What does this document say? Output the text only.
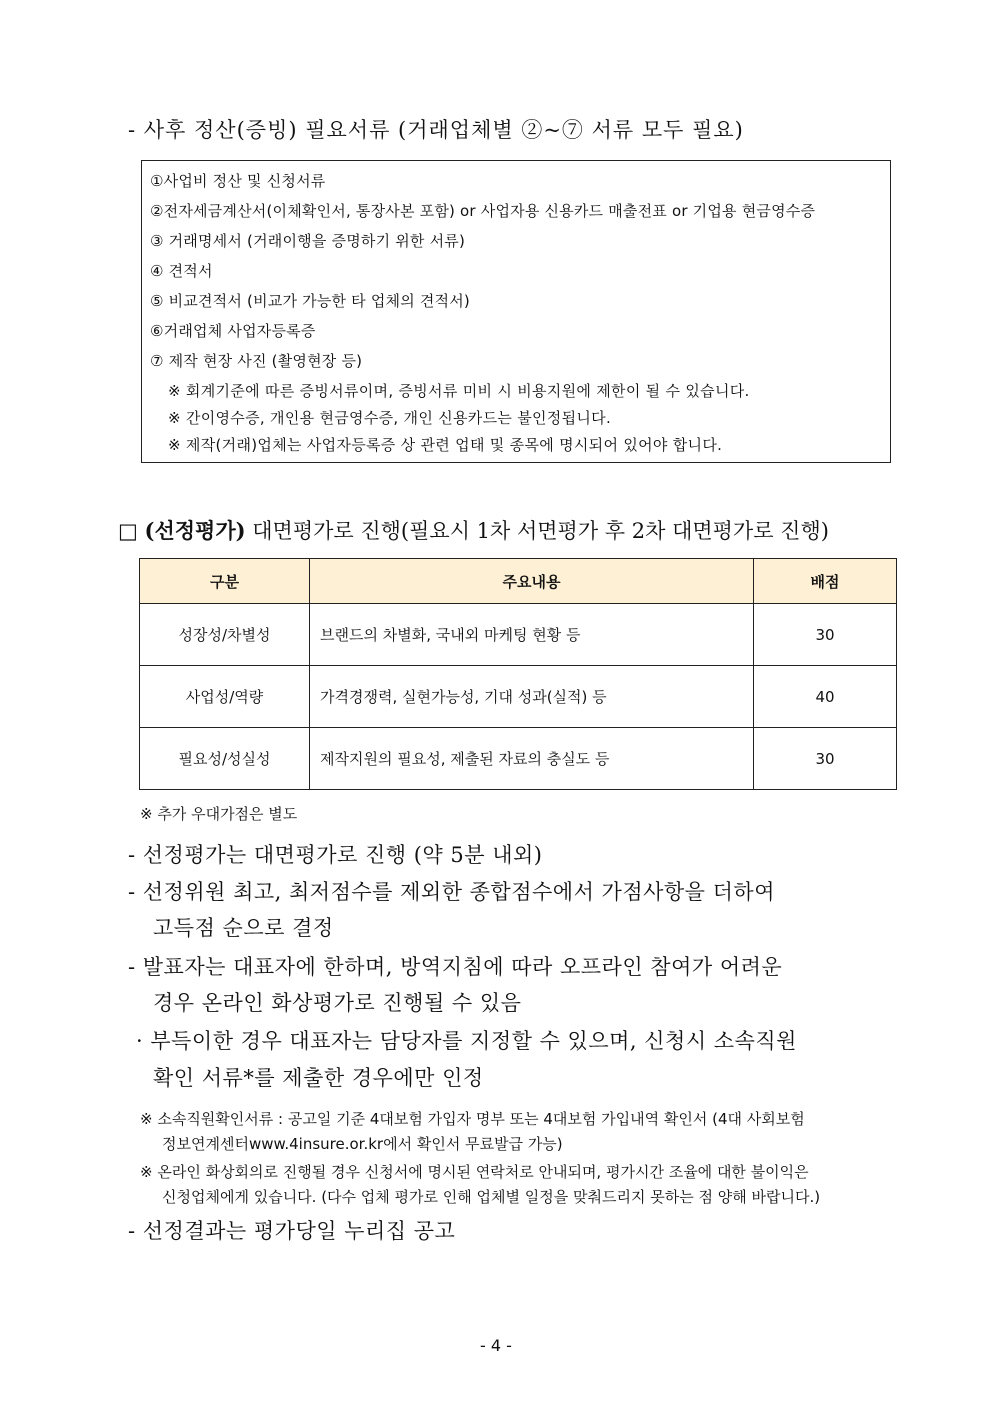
- 사후 정산(증빙) 필요서류 (거래업체별 ②~⑦ 서류 모두 필요)
①사업비 정산 및 신청서류
②전자세금계산서(이체확인서, 통장사본 포함) or 사업자용 신용카드 매출전표 or 기업용 현금영수증
③ 거래명세서 (거래이행을 증명하기 위한 서류)
④ 견적서
⑤ 비교견적서 (비교가 가능한 타 업체의 견적서)
⑥거래업체 사업자등록증
⑦ 제작 현장 사진 (촬영현장 등)
※ 회계기준에 따른 증빙서류이며, 증빙서류 미비 시 비용지원에 제한이 될 수 있습니다.
※ 간이영수증, 개인용 현금영수증, 개인 신용카드는 불인정됩니다.
※ 제작(거래)업체는 사업자등록증 상 관련 업태 및 종목에 명시되어 있어야 합니다.
□ (선정평가) 대면평가로 진행(필요시 1차 서면평가 후 2차 대면평가로 진행)
구분	주요내용	배점
성장성/차별성	브랜드의 차별화, 국내외 마케팅 현황 등	30
사업성/역량	가격경쟁력, 실현가능성, 기대 성과(실적) 등	40
필요성/성실성	제작지원의 필요성, 제출된 자료의 충실도 등	30
※ 추가 우대가점은 별도
- 선정평가는 대면평가로 진행 (약 5분 내외)
- 선정위원 최고, 최저점수를 제외한 종합점수에서 가점사항을 더하여
고득점 순으로 결정
- 발표자는 대표자에 한하며, 방역지침에 따라 오프라인 참여가 어려운
경우 온라인 화상평가로 진행될 수 있음
· 부득이한 경우 대표자는 담당자를 지정할 수 있으며, 신청시 소속직원
확인 서류*를 제출한 경우에만 인정
※ 소속직원확인서류 : 공고일 기준 4대보험 가입자 명부 또는 4대보험 가입내역 확인서 (4대 사회보험
정보연계센터www.4insure.or.kr에서 확인서 무료발급 가능)
※ 온라인 화상회의로 진행될 경우 신청서에 명시된 연락처로 안내되며, 평가시간 조율에 대한 불이익은
신청업체에게 있습니다. (다수 업체 평가로 인해 업체별 일정을 맞춰드리지 못하는 점 양해 바랍니다.)
- 선정결과는 평가당일 누리집 공고
- 4 -
